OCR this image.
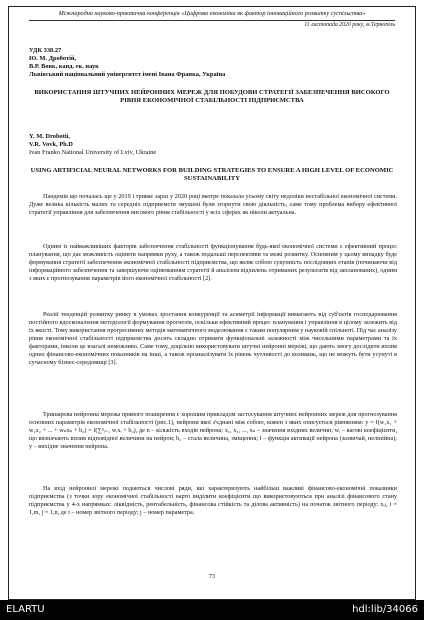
Міжнародна науково-практична конференція «Цифрова економіка як фактор інноваційного розвитку суспільства»
11 листопада 2020 року, м.Тернопіль
УДК 338.27
Ю. М. Дроботій,
В.Р. Вовк, канд. ек. наук
Львівський національний університет імені Івана Франка, Україна
ВИКОРИСТАННЯ ШТУЧНИХ НЕЙРОННИХ МЕРЕЖ ДЛЯ ПОБУДОВИ СТРАТЕГІЇ ЗАБЕЗПЕЧЕННЯ ВИСОКОГО РІВНЯ ЕКОНОМІЧНОЇ СТАБІЛЬНОСТІ ПІДПРИЄМСТВА
Y. M. Drobotii,
V.R. Vovk, Ph.D
Ivan Franko National University of Lviv, Ukraine
USING ARTIFICIAL NEURAL NETWORKS FOR BUILDING STRATEGIES TO ENSURE A HIGH LEVEL OF ECONOMIC SUSTAINABILITY
Пандемія що почалась ще у 2019 і триває зараз у 2020 році вкотре показала усьому світу недоліки нестабільної економічної системи. Дуже велика кількість малих та середніх підприємств змушені були згорнути свою діяльність, саме тому проблема вибору ефективної стратегії управління для забезпечення високого рівня стабільності у всіх сферах як ніколи актуальна.
Одним із найважливіших факторів забезпечення стабільності функціонування будь-якої економічної системи є ефективний процес планування, що дає можливість оцінити напрямки руху, а також подальші перспективи та межі розвитку. Основним у цьому випадку буде формування стратегії забезпечення економічної стабільності підприємства, що являє собою сукупність послідовних етапів (починаючи від інформаційного забезпечення та завершуючи оцінюванням стратегії й аналізом відхилень отриманих результатів від запланованих), одним з яких є прогнозування параметрів його економічної стабільності [2].
Реалії тенденцій розвитку ринку в умовах зростання конкуренції та асиметрії інформації вимагають від суб'єктів господарювання постійного вдосконалення методології формування прогнозів, оскільки ефективний процес планування і управління в цілому залежить від їх якості. Тому використання прогресивних методів математичного моделювання є таким популярним у науковій спільноті. Під час аналізу рівня економічної стабільності підприємства досить складно отримати функціональні залежності між чисельними параметрами та їх факторами, інколи це взагалі неможливо. Саме тому, доцільно використовувати штучні нейронні мережі, що дають змогу дослідити вплив одних фінансово-економічних показників на інші, а також проаналізувати їх рівень чутливості до коливань, що не можуть бути усунуті в сучасному бізнес-середовищі [3].
Тришарова нейронна мережа прямого поширення є хорошим прикладом застосування штучних нейронних мереж для прогнозування основних параметрів економічної стабільності (рис.1), нейрони якої з'єднані між собою, кожен з яких описується рівнянням: y = f(w₁x₁ + w₂x₂ + ... + wₙxₙ + b₀) = f(∑ⁿᵢ₌₁ wᵢxᵢ + b₀), де n – кількість входів нейрона; x₁, x₂, ..., xₙ – значення вхідних величин; wᵢ – вагові коефіцієнти, що визначають вплив відповідної величини на нейрон; b₀ – стала величина, зміщення; f – функція активації нейрона (зазвичай, нелінійна); y – вихідне значення нейрона.
На вхід нейронної мережі подаються числові ряди, які характеризують найбільш важливі фінансово-економічні показники підприємства (з точки зору економічної стабільності варто виділити коефіцієнти що використовуються при аналізі фінансового стану підприємства у 4-х напрямках: ліквідність, рентабельність, фінансова стійкість та ділова активність) на початок звітного періоду: xᵢⱼ, i = 1,m, j = 1,n, де i – номер звітного періоду; j – номер параметра.
73
ELARTU	hdl:lib/34066
